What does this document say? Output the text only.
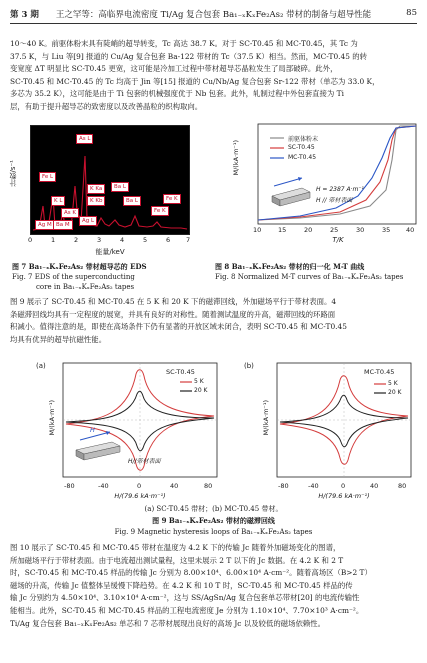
第 3 期	王之罕等：高临界电流密度 Ti/Ag 复合包套 Ba₁₋ₓKₓFe₂As₂ 带材的制备与超导性能	85
10～40 K。前驱体粉末具有陡峭的超导转变，Tc 高达 38.7 K。对于 SC-T0.45 和 MC-T0.45，其 Tc 为
37.5 K，与 Liu 等[9] 报道的 Cu/Ag 复合包套 Ba-122 带材的 Tc（37.5 K）相当。然而，MC-T0.45 的转
变宽度 ΔT 明显比 SC-T0.45 更宽，这可能是冷加工过程中带材超导芯晶粒发生了局部破碎。此外，
SC-T0.45 和 MC-T0.45 的 Tc 均高于 Jin 等[15] 报道的 Cu/Nb/Ag 复合包套 Sr-122 带材（单芯为 33.0 K，
多芯为 35.2 K），这可能是由于 Ti 包套的机械强度优于 Nb 包套。此外，轧制过程中外包套直接为 Ti
层，有助于提升超导芯的致密度以及改善晶粒的织构取向。
As L
Fe L
K Ka
K Kb
Ba L
Ba L	Fe K
Fe K
As K
K L
Ag M Ba M
Ag L
计数/s⁻¹
0	1	2	3	4	5	6 7
能量/keV
图 7 Ba₁₋ₓKₓFe₂As₂ 带材超导芯的 EDS
Fig. 7 EDS of the superconducting
core in Ba₁₋ₓKₓFe₂As₂ tapes
前驱体粉末
SC-T0.45
MC-T0.45
H = 2387 A·m⁻¹
H // 带材表面
M/(kA·m⁻¹)
10	15	20	25	30	35 40
T/K
图 8 Ba₁₋ₓKₓFe₂As₂ 带材的归一化 M-T 曲线
Fig. 8 Normalized M-T curves of Ba₁₋ₓKₓFe₂As₂ tapes
图 9 展示了 SC-T0.45 和 MC-T0.45 在 5 K 和 20 K 下的磁滞回线，外加磁场平行于带材表面。4
条磁滞回线均具有一定程度的展宽，并具有良好的对称性。随着测试温度的升高，磁滞回线的环路面
积减小。值得注意的是，即使在高场条件下仍有显著的开放区域未闭合，表明 SC-T0.45 和 MC-T0.45
均具有优异的超导抗磁性能。
SC-T0.45
5 K
20 K
H
H//带材表面
(a)
M/(kA·m⁻¹)
-80	-40	0	40	80
H/(79.6 kA·m⁻¹)
MC-T0.45
5 K
20 K
(b)
M/(kA·m⁻¹)
-80	-40	0	40	80
H/(79.6 kA·m⁻¹)
(a) SC-T0.45 带材；(b) MC-T0.45 带材。
图 9 Ba₁₋ₓKₓFe₂As₂ 带材的磁滞回线
Fig. 9 Magnetic hysteresis loops of Ba₁₋ₓKₓFe₂As₂ tapes
图 10 展示了 SC-T0.45 和 MC-T0.45 带材在温度为 4.2 K 下的传输 Jc 随着外加磁场变化的图谱，
所加磁场平行于带材表面。由于电流超出测试量程，这里未展示 2 T 以下的 Jc 数据。在 4.2 K 和 2 T
时，SC-T0.45 和 MC-T0.45 样品的传输 Jc 分别为 8.00×10⁴、6.00×10⁴ A·cm⁻²。随着高场区（B>2 T）
磁场的升高，传输 Jc 值整体呈缓慢下降趋势。在 4.2 K 和 10 T 时，SC-T0.45 和 MC-T0.45 样品的传
输 Jc 分别约为 4.50×10⁴、3.10×10⁴ A·cm⁻²，这与 SS/AgSn/Ag 复合包套单芯带材[20] 的电流传输性
能相当。此外，SC-T0.45 和 MC-T0.45 样品的工程电流密度 Je 分别为 1.10×10⁴、7.70×10³ A·cm⁻²。
Ti/Ag 复合包套 Ba₁₋ₓKₓFe₂As₂ 单芯和 7 芯带材展现出良好的高场 Jc 以及较低的磁场依赖性。
